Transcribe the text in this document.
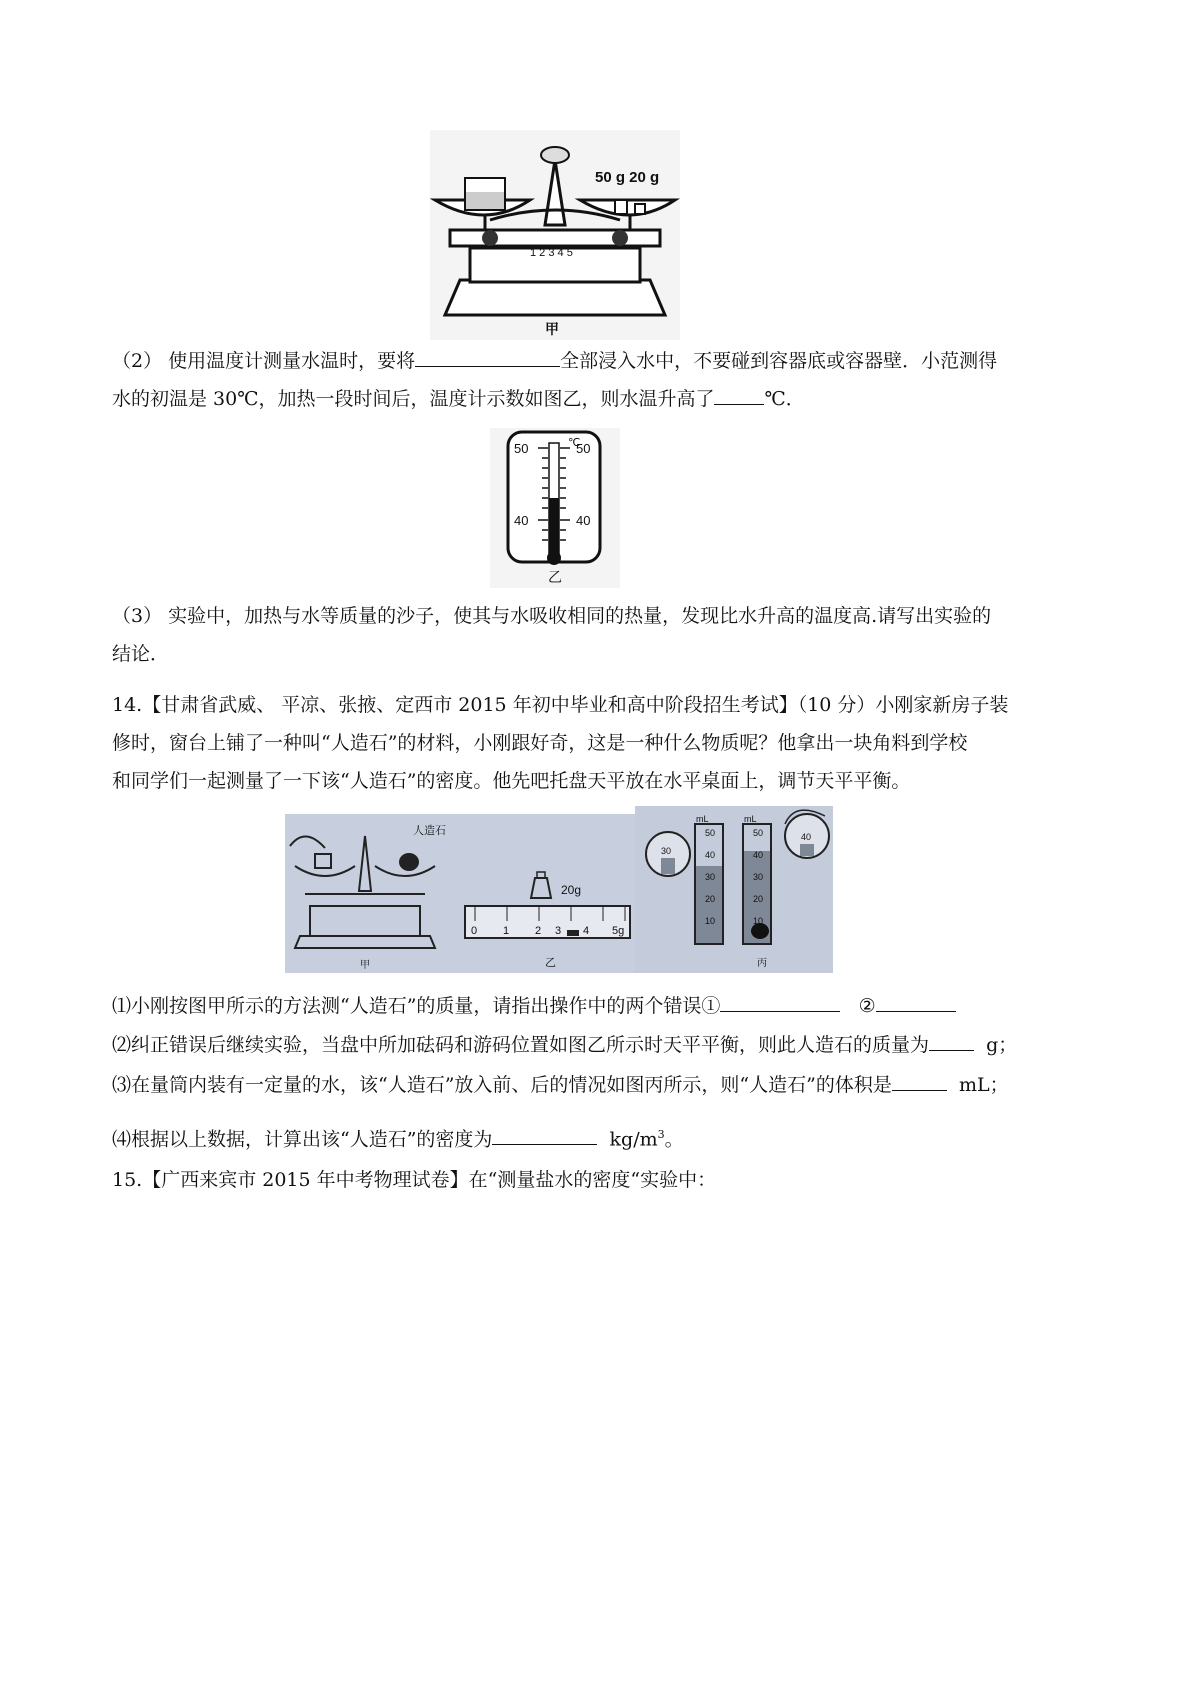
50 g 20 g
1 2 3 4 5
甲
（2） 使用温度计测量水温时，要将	全部浸入水中，不要碰到容器底或容器壁．小范测得
水的初温是 30℃，加热一段时间后，温度计示数如图乙，则水温升高了	℃．
℃
50	50
40	40
乙
（3） 实验中，加热与水等质量的沙子，使其与水吸收相同的热量，发现比水升高的温度高.请写出实验的
结论．
14.【甘肃省武威、 平凉、张掖、定西市 2015 年初中毕业和高中阶段招生考试】（10 分）小刚家新房子装
修时，窗台上铺了一种叫“人造石”的材料，小刚跟好奇，这是一种什么物质呢？他拿出一块角料到学校
和同学们一起测量了一下该“人造石”的密度。他先吧托盘天平放在水平桌面上，调节天平平衡。
人造石
甲
20g
0 1 2 3 4 5g
乙
mL	mL
50
40
30
20
10
50
40
30
20
10
30
40
丙
⑴小刚按图甲所示的方法测“人造石”的质量，请指出操作中的两个错误①	②
⑵纠正错误后继续实验，当盘中所加砝码和游码位置如图乙所示时天平平衡，则此人造石的质量为	g；
⑶在量筒内装有一定量的水，该“人造石”放入前、后的情况如图丙所示，则“人造石”的体积是	mL；
⑷根据以上数据，计算出该“人造石”的密度为	$kg/m^3$。
15.【广西来宾市 2015 年中考物理试卷】在“测量盐水的密度“实验中：
